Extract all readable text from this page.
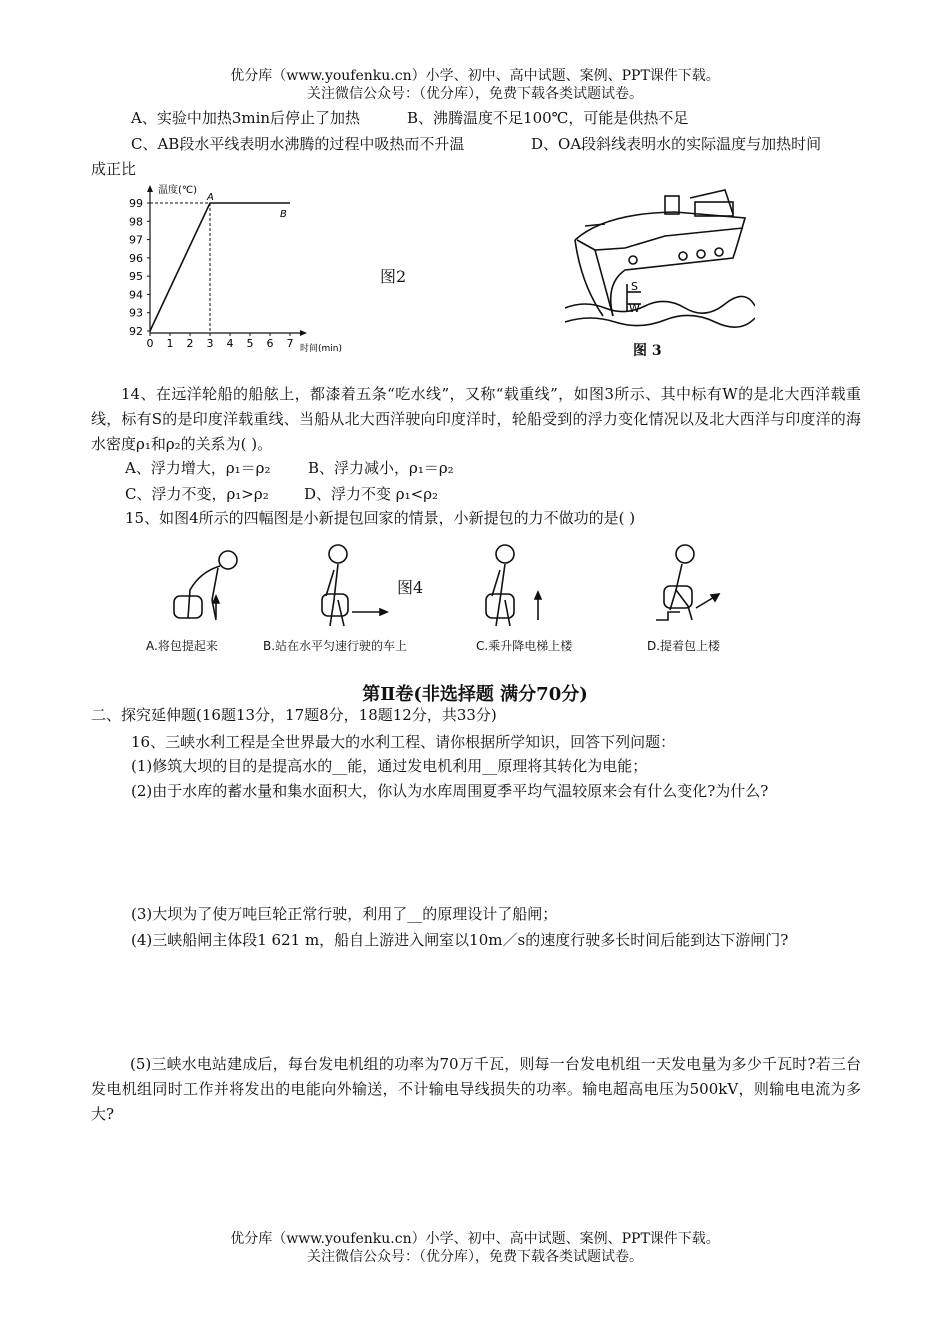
优分库（www.youfenku.cn）小学、初中、高中试题、案例、PPT课件下载。
关注微信公众号：（优分库），免费下载各类试题试卷。
A、实验中加热3min后停止了加热	B、沸腾温度不足100℃，可能是供热不足
C、AB段水平线表明水沸腾的过程中吸热而不升温	D、OA段斜线表明水的实际温度与加热时间
成正比
温度(℃)
时间(min)
92
93
94
95
96
97
98
99
0 1 2 3 4 5 6 7
A
B
图2
S
W
图 3
14、在远洋轮船的船舷上，都漆着五条“吃水线”，又称“载重线”，如图3所示、其中标有W的是北大西洋载重线，标有S的是印度洋载重线、当船从北大西洋驶向印度洋时，轮船受到的浮力变化情况以及北大西洋与印度洋的海水密度ρ₁和ρ₂的关系为( )。
A、浮力增大，ρ₁＝ρ₂	B、浮力减小，ρ₁＝ρ₂
C、浮力不变，ρ₁>ρ₂	D、浮力不变 ρ₁<ρ₂
15、如图4所示的四幅图是小新提包回家的情景，小新提包的力不做功的是( )
图4
A.将包提起来	B.站在水平匀速行驶的车上	C.乘升降电梯上楼	D.提着包上楼
第Ⅱ卷(非选择题 满分70分)
二、探究延伸题(16题13分，17题8分，18题12分，共33分)
16、三峡水利工程是全世界最大的水利工程、请你根据所学知识，回答下列问题：
(1)修筑大坝的目的是提高水的__能，通过发电机利用__原理将其转化为电能；
(2)由于水库的蓄水量和集水面积大，你认为水库周围夏季平均气温较原来会有什么变化?为什么?
(3)大坝为了使万吨巨轮正常行驶，利用了__的原理设计了船闸；
(4)三峡船闸主体段1 621 m，船自上游进入闸室以10m／s的速度行驶多长时间后能到达下游闸门?
(5)三峡水电站建成后，每台发电机组的功率为70万千瓦，则每一台发电机组一天发电量为多少千瓦时?若三台发电机组同时工作并将发出的电能向外输送，不计输电导线损失的功率。输电超高电压为500kV，则输电电流为多大?
优分库（www.youfenku.cn）小学、初中、高中试题、案例、PPT课件下载。
关注微信公众号：（优分库），免费下载各类试题试卷。
